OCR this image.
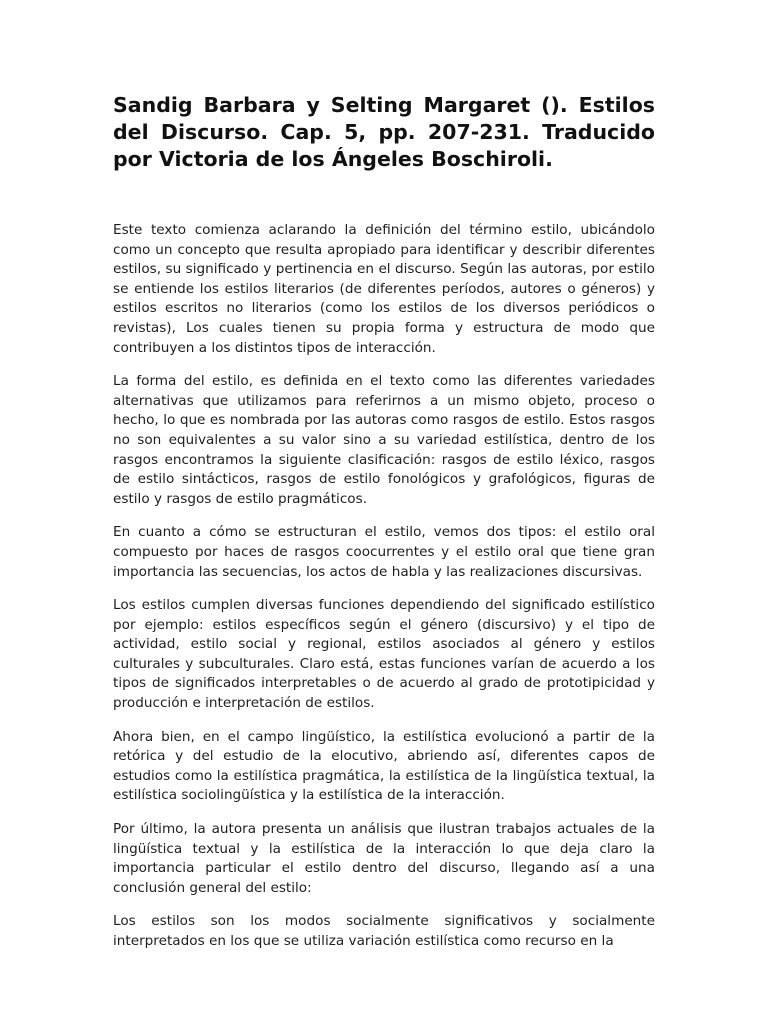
Sandig Barbara y Selting Margaret (). Estilos del Discurso. Cap. 5, pp. 207-231. Traducido por Victoria de los Ángeles Boschiroli.

Este texto comienza aclarando la definición del término estilo, ubicándolo como un concepto que resulta apropiado para identificar y describir diferentes estilos, su significado y pertinencia en el discurso. Según las autoras, por estilo se entiende los estilos literarios (de diferentes períodos, autores o géneros) y estilos escritos no literarios (como los estilos de los diversos periódicos o revistas), Los cuales tienen su propia forma y estructura de modo que contribuyen a los distintos tipos de interacción.

La forma del estilo, es definida en el texto como las diferentes variedades alternativas que utilizamos para referirnos a un mismo objeto, proceso o hecho, lo que es nombrada por las autoras como rasgos de estilo. Estos rasgos no son equivalentes a su valor sino a su variedad estilística, dentro de los rasgos encontramos la siguiente clasificación: rasgos de estilo léxico, rasgos de estilo sintácticos, rasgos de estilo fonológicos y grafológicos, figuras de estilo y rasgos de estilo pragmáticos.

En cuanto a cómo se estructuran el estilo, vemos dos tipos: el estilo oral compuesto por haces de rasgos coocurrentes y el estilo oral que tiene gran importancia las secuencias, los actos de habla y las realizaciones discursivas.

Los estilos cumplen diversas funciones dependiendo del significado estilístico por ejemplo: estilos específicos según el género (discursivo) y el tipo de actividad, estilo social y regional, estilos asociados al género y estilos culturales y subculturales. Claro está, estas funciones varían de acuerdo a los tipos de significados interpretables o de acuerdo al grado de prototipicidad y producción e interpretación de estilos.

Ahora bien, en el campo lingüístico, la estilística evolucionó a partir de la retórica y del estudio de la elocutivo, abriendo así, diferentes capos de estudios como la estilística pragmática, la estilística de la lingüística textual, la estilística sociolingüística y la estilística de la interacción.

Por último, la autora presenta un análisis que ilustran trabajos actuales de la lingüística textual y la estilística de la interacción lo que deja claro la importancia particular el estilo dentro del discurso, llegando así a una conclusión general del estilo:

Los estilos son los modos socialmente significativos y socialmente interpretados en los que se utiliza variación estilística como recurso en la
